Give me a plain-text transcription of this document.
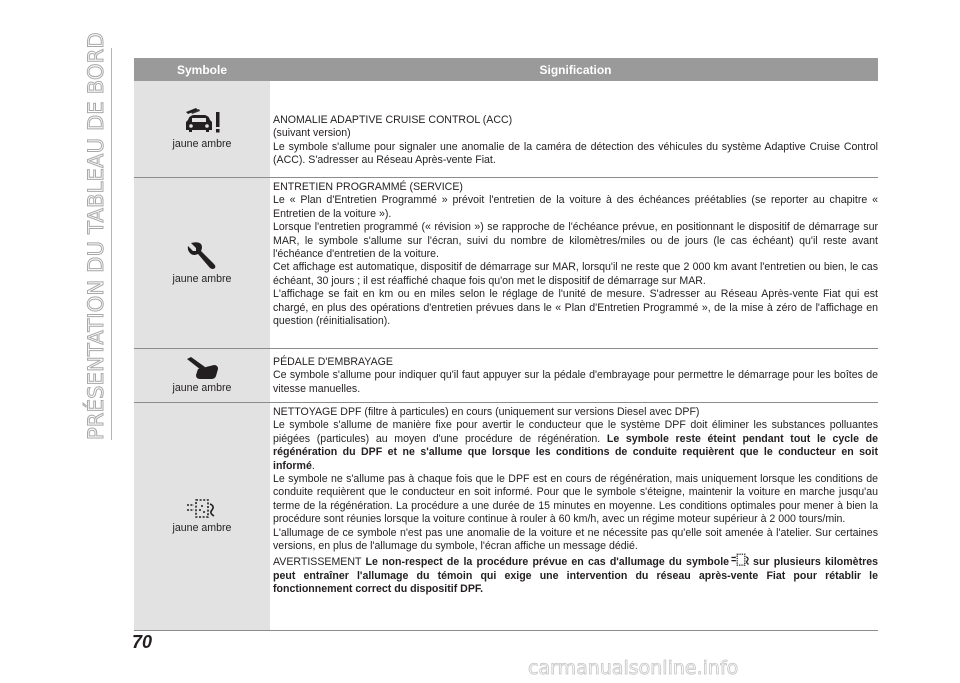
PRÉSENTATION DU TABLEAU DE BORD	Symbole	Signification
jaune ambre

ANOMALIE ADAPTIVE CRUISE CONTROL (ACC)

(suivant version)

Le symbole s'allume pour signaler une anomalie de la caméra de détection des véhicules du système Adaptive Cruise Control (ACC). S'adresser au Réseau Après-vente Fiat.

jaune ambre

ENTRETIEN PROGRAMMÉ (SERVICE)

Le « Plan d'Entretien Programmé » prévoit l'entretien de la voiture à des échéances préétablies (se reporter au chapitre « Entretien de la voiture »).

Lorsque l'entretien programmé (« révision ») se rapproche de l'échéance prévue, en positionnant le dispositif de démarrage sur MAR, le symbole s'allume sur l'écran, suivi du nombre de kilomètres/miles ou de jours (le cas échéant) qu'il reste avant l'échéance d'entretien de la voiture.

Cet affichage est automatique, dispositif de démarrage sur MAR, lorsqu'il ne reste que 2 000 km avant l'entretien ou bien, le cas échéant, 30 jours ; il est réaffiché chaque fois qu'on met le dispositif de démarrage sur MAR.

L'affichage se fait en km ou en miles selon le réglage de l'unité de mesure. S'adresser au Réseau Après-vente Fiat qui est chargé, en plus des opérations d'entretien prévues dans le « Plan d'Entretien Programmé », de la mise à zéro de l'affichage en question (réinitialisation).

jaune ambre

PÉDALE D'EMBRAYAGE

Ce symbole s'allume pour indiquer qu'il faut appuyer sur la pédale d'embrayage pour permettre le démarrage pour les boîtes de vitesse manuelles.

jaune ambre

NETTOYAGE DPF (filtre à particules) en cours (uniquement sur versions Diesel avec DPF)

Le symbole s'allume de manière fixe pour avertir le conducteur que le système DPF doit éliminer les substances polluantes piégées (particules) au moyen d'une procédure de régénération. Le symbole reste éteint pendant tout le cycle de régénération du DPF et ne s'allume que lorsque les conditions de conduite requièrent que le conducteur en soit informé.

Le symbole ne s'allume pas à chaque fois que le DPF est en cours de régénération, mais uniquement lorsque les conditions de conduite requièrent que le conducteur en soit informé. Pour que le symbole s'éteigne, maintenir la voiture en marche jusqu'au terme de la régénération. La procédure a une durée de 15 minutes en moyenne. Les conditions optimales pour mener à bien la procédure sont réunies lorsque la voiture continue à rouler à 60 km/h, avec un régime moteur supérieur à 2 000 tours/min.

L'allumage de ce symbole n'est pas une anomalie de la voiture et ne nécessite pas qu'elle soit amenée à l'atelier. Sur certaines versions, en plus de l'allumage du symbole, l'écran affiche un message dédié.

AVERTISSEMENT Le non-respect de la procédure prévue en cas d'allumage du symbole sur plusieurs kilomètres peut entraîner l'allumage du témoin qui exige une intervention du réseau après-vente Fiat pour rétablir le fonctionnement correct du dispositif DPF.

70
carmanualsonline.info
